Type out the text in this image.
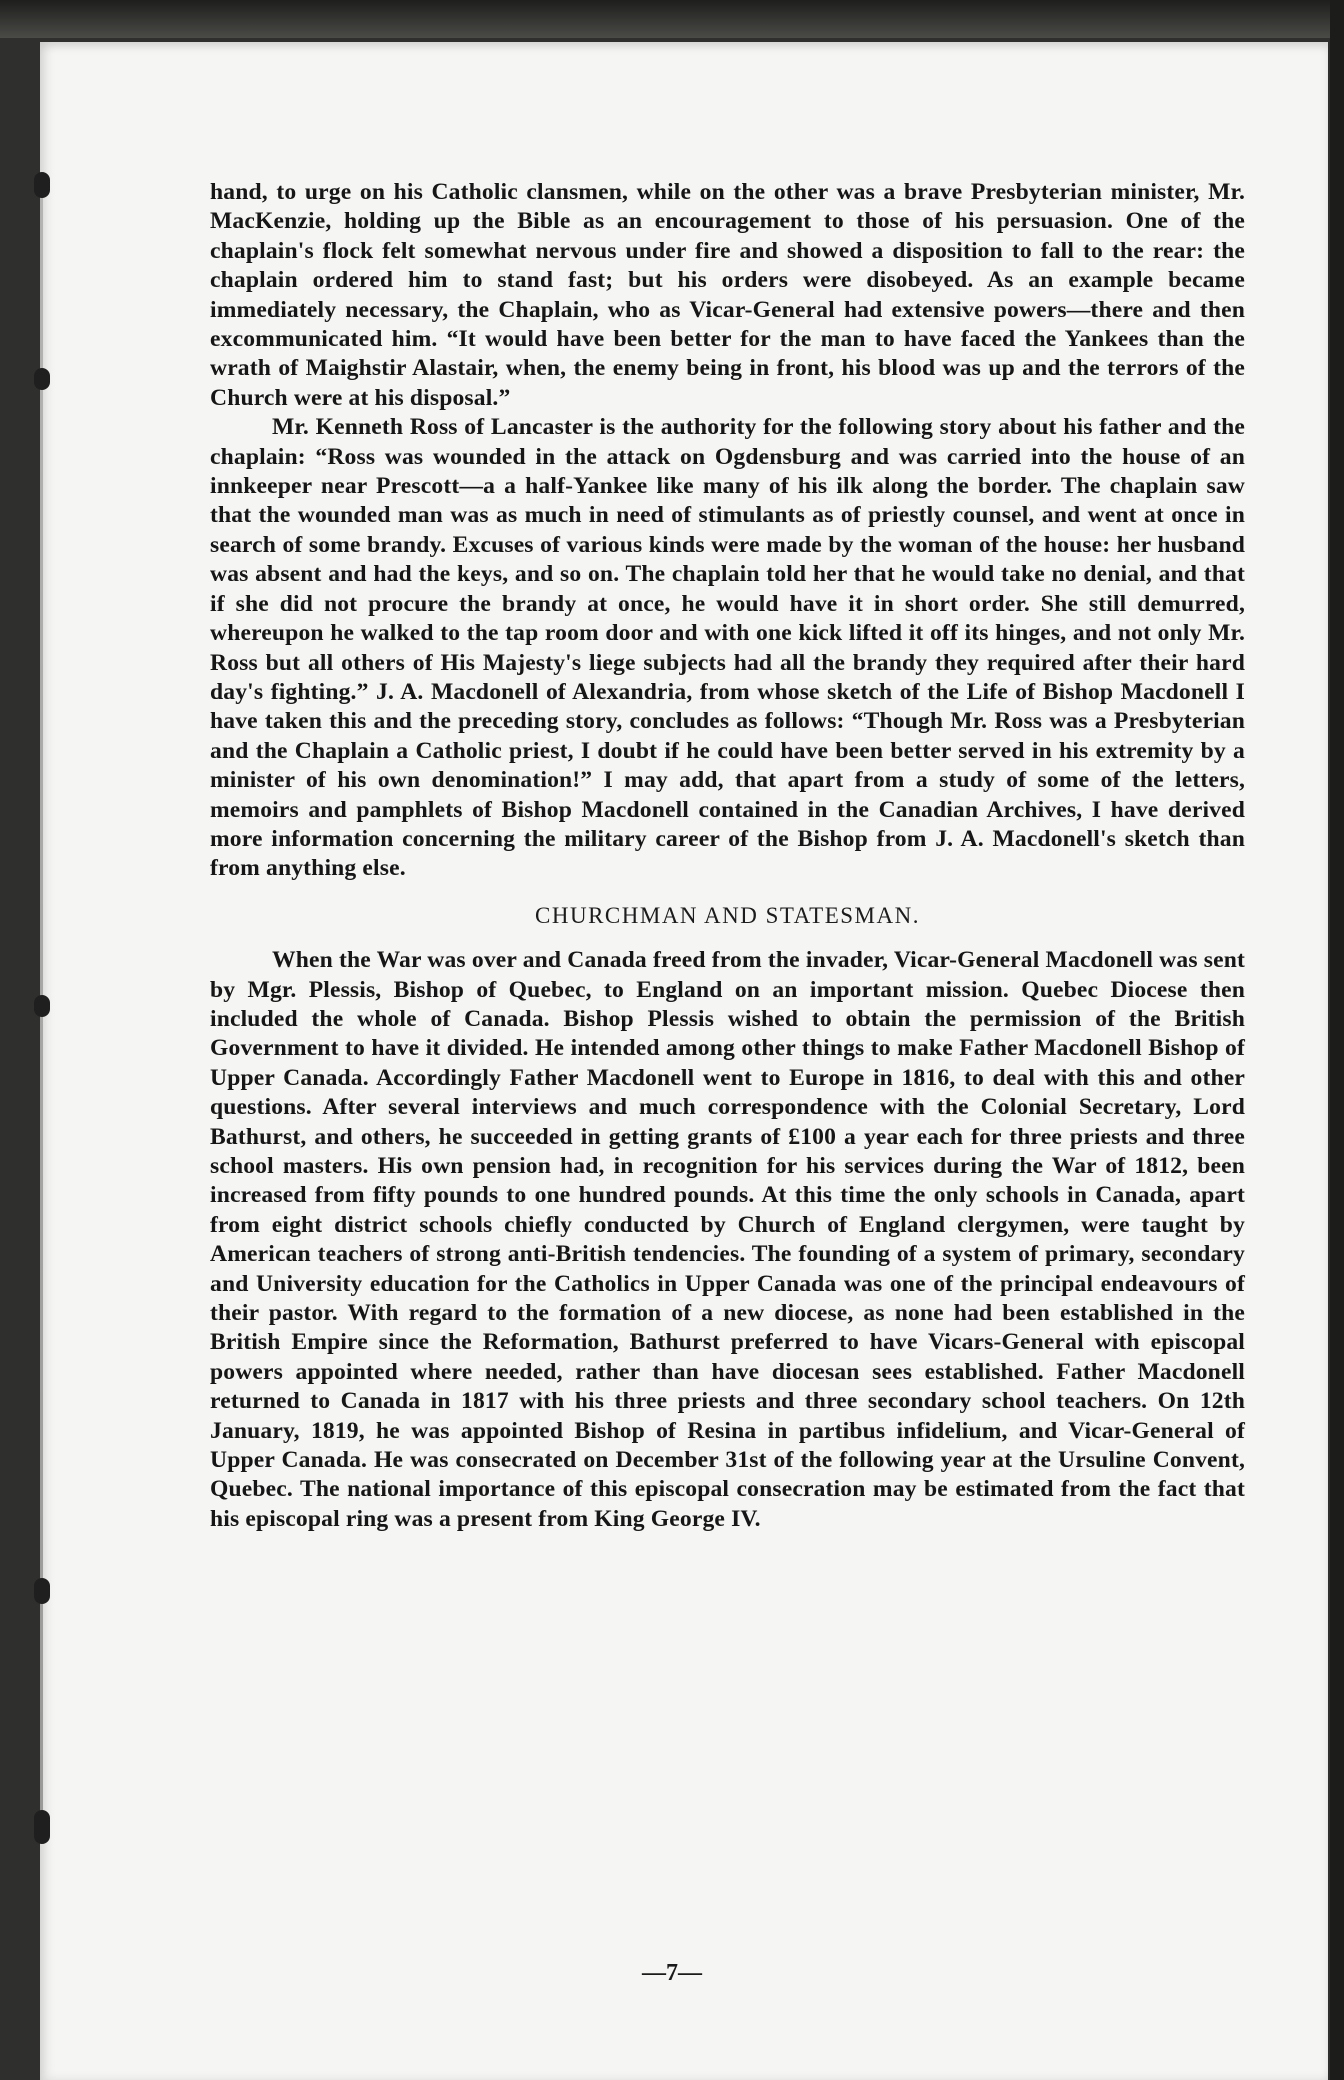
hand, to urge on his Catholic clansmen, while on the other was a brave Presbyterian minister, Mr. MacKenzie, holding up the Bible as an encouragement to those of his persuasion. One of the chaplain's flock felt somewhat nervous under fire and showed a disposition to fall to the rear: the chaplain ordered him to stand fast; but his orders were disobeyed. As an example became immediately necessary, the Chaplain, who as Vicar-General had extensive powers—there and then excommunicated him. “It would have been better for the man to have faced the Yankees than the wrath of Maighstir Alastair, when, the enemy being in front, his blood was up and the terrors of the Church were at his disposal.”

Mr. Kenneth Ross of Lancaster is the authority for the following story about his father and the chaplain: “Ross was wounded in the attack on Ogdensburg and was carried into the house of an innkeeper near Prescott—a a half-Yankee like many of his ilk along the border. The chaplain saw that the wounded man was as much in need of stimulants as of priestly counsel, and went at once in search of some brandy. Excuses of various kinds were made by the woman of the house: her husband was absent and had the keys, and so on. The chaplain told her that he would take no denial, and that if she did not procure the brandy at once, he would have it in short order. She still demurred, whereupon he walked to the tap room door and with one kick lifted it off its hinges, and not only Mr. Ross but all others of His Majesty's liege subjects had all the brandy they required after their hard day's fighting.” J. A. Macdonell of Alexandria, from whose sketch of the Life of Bishop Macdonell I have taken this and the preceding story, concludes as follows: “Though Mr. Ross was a Presbyterian and the Chaplain a Catholic priest, I doubt if he could have been better served in his extremity by a minister of his own denomination!” I may add, that apart from a study of some of the letters, memoirs and pamphlets of Bishop Macdonell contained in the Canadian Archives, I have derived more information concerning the military career of the Bishop from J. A. Macdonell's sketch than from anything else.

CHURCHMAN AND STATESMAN.

When the War was over and Canada freed from the invader, Vicar-General Macdonell was sent by Mgr. Plessis, Bishop of Quebec, to England on an important mission. Quebec Diocese then included the whole of Canada. Bishop Plessis wished to obtain the permission of the British Government to have it divided. He intended among other things to make Father Macdonell Bishop of Upper Canada. Accordingly Father Macdonell went to Europe in 1816, to deal with this and other questions. After several interviews and much correspondence with the Colonial Secretary, Lord Bathurst, and others, he succeeded in getting grants of £100 a year each for three priests and three school masters. His own pension had, in recognition for his services during the War of 1812, been increased from fifty pounds to one hundred pounds. At this time the only schools in Canada, apart from eight district schools chiefly conducted by Church of England clergymen, were taught by American teachers of strong anti-British tendencies. The founding of a system of primary, secondary and University education for the Catholics in Upper Canada was one of the principal endeavours of their pastor. With regard to the formation of a new diocese, as none had been established in the British Empire since the Reformation, Bathurst preferred to have Vicars-General with episcopal powers appointed where needed, rather than have diocesan sees established. Father Macdonell returned to Canada in 1817 with his three priests and three secondary school teachers. On 12th January, 1819, he was appointed Bishop of Resina in partibus infidelium, and Vicar-General of Upper Canada. He was consecrated on December 31st of the following year at the Ursuline Convent, Quebec. The national importance of this episcopal consecration may be estimated from the fact that his episcopal ring was a present from King George IV.

—7—
